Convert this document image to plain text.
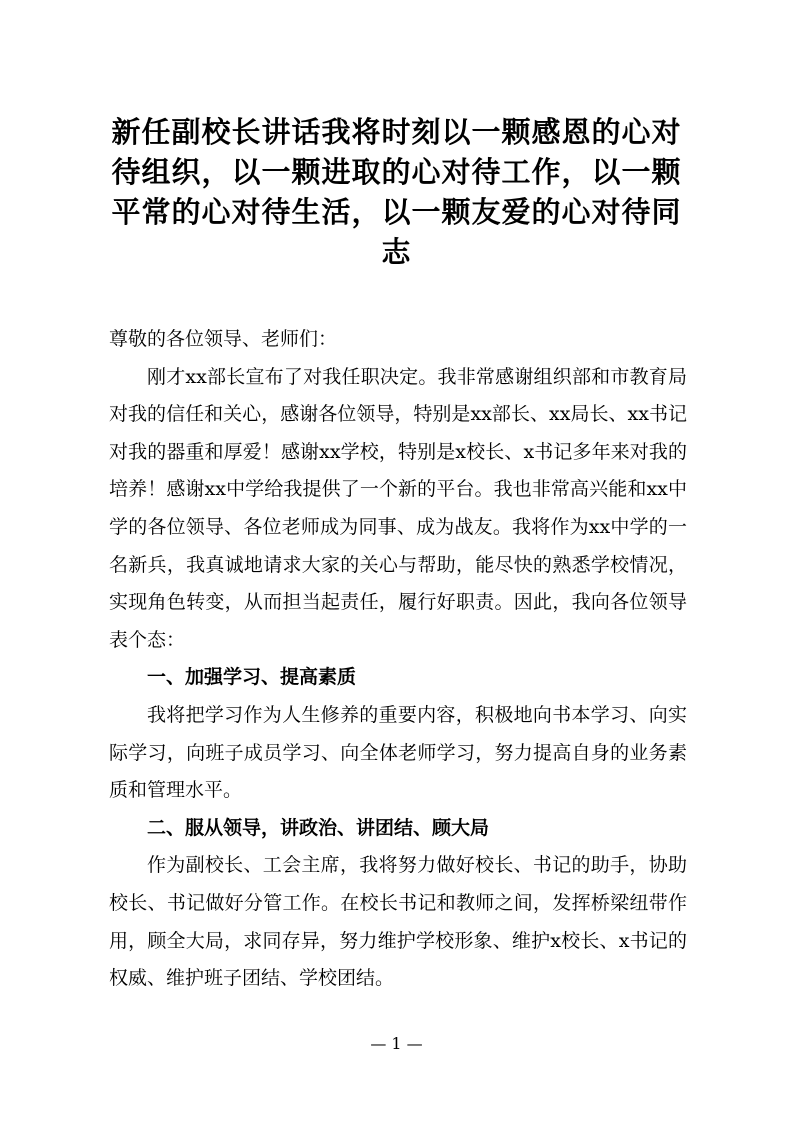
新任副校长讲话我将时刻以一颗感恩的心对待组织，以一颗进取的心对待工作，以一颗平常的心对待生活，以一颗友爱的心对待同志

尊敬的各位领导、老师们：

刚才xx部长宣布了对我任职决定。我非常感谢组织部和市教育局对我的信任和关心，感谢各位领导，特别是xx部长、xx局长、xx书记对我的器重和厚爱！感谢xx学校，特别是x校长、x书记多年来对我的培养！感谢xx中学给我提供了一个新的平台。我也非常高兴能和xx中学的各位领导、各位老师成为同事、成为战友。我将作为xx中学的一名新兵，我真诚地请求大家的关心与帮助，能尽快的熟悉学校情况，实现角色转变，从而担当起责任，履行好职责。因此，我向各位领导表个态：

一、加强学习、提高素质

我将把学习作为人生修养的重要内容，积极地向书本学习、向实际学习，向班子成员学习、向全体老师学习，努力提高自身的业务素质和管理水平。

二、服从领导，讲政治、讲团结、顾大局

作为副校长、工会主席，我将努力做好校长、书记的助手，协助校长、书记做好分管工作。在校长书记和教师之间，发挥桥梁纽带作用，顾全大局，求同存异，努力维护学校形象、维护x校长、x书记的权威、维护班子团结、学校团结。

— 1 —
